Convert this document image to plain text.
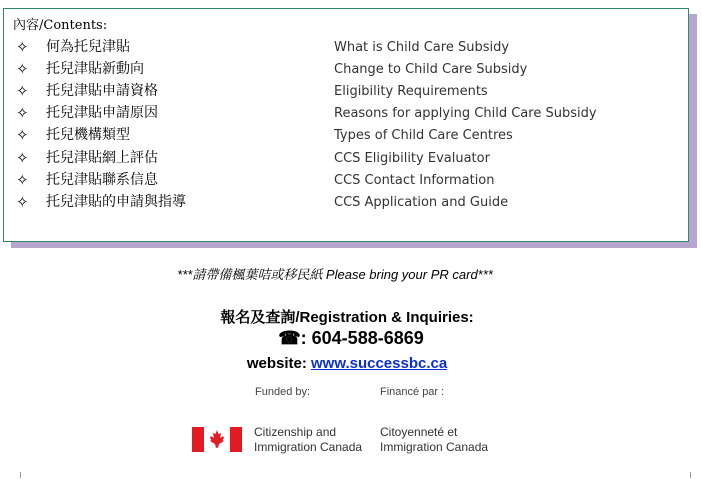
內容/Contents:
✧ 何為托兒津貼	What is Child Care Subsidy
✧ 托兒津貼新動向	Change to Child Care Subsidy
✧ 托兒津貼申請資格	Eligibility Requirements
✧ 托兒津貼申請原因	Reasons for applying Child Care Subsidy
✧ 托兒機構類型	Types of Child Care Centres
✧ 托兒津貼網上評估	CCS Eligibility Evaluator
✧ 托兒津貼聯系信息	CCS Contact Information
✧ 托兒津貼的申請與指導	CCS Application and Guide
***請帶備楓葉咭或移民紙 Please bring your PR card***
報名及查詢/Registration & Inquiries:
☎: 604-588-6869
website: www.successbc.ca
Funded by:	Financé par :
Citizenship and
Immigration Canada
Citoyenneté et
Immigration Canada
